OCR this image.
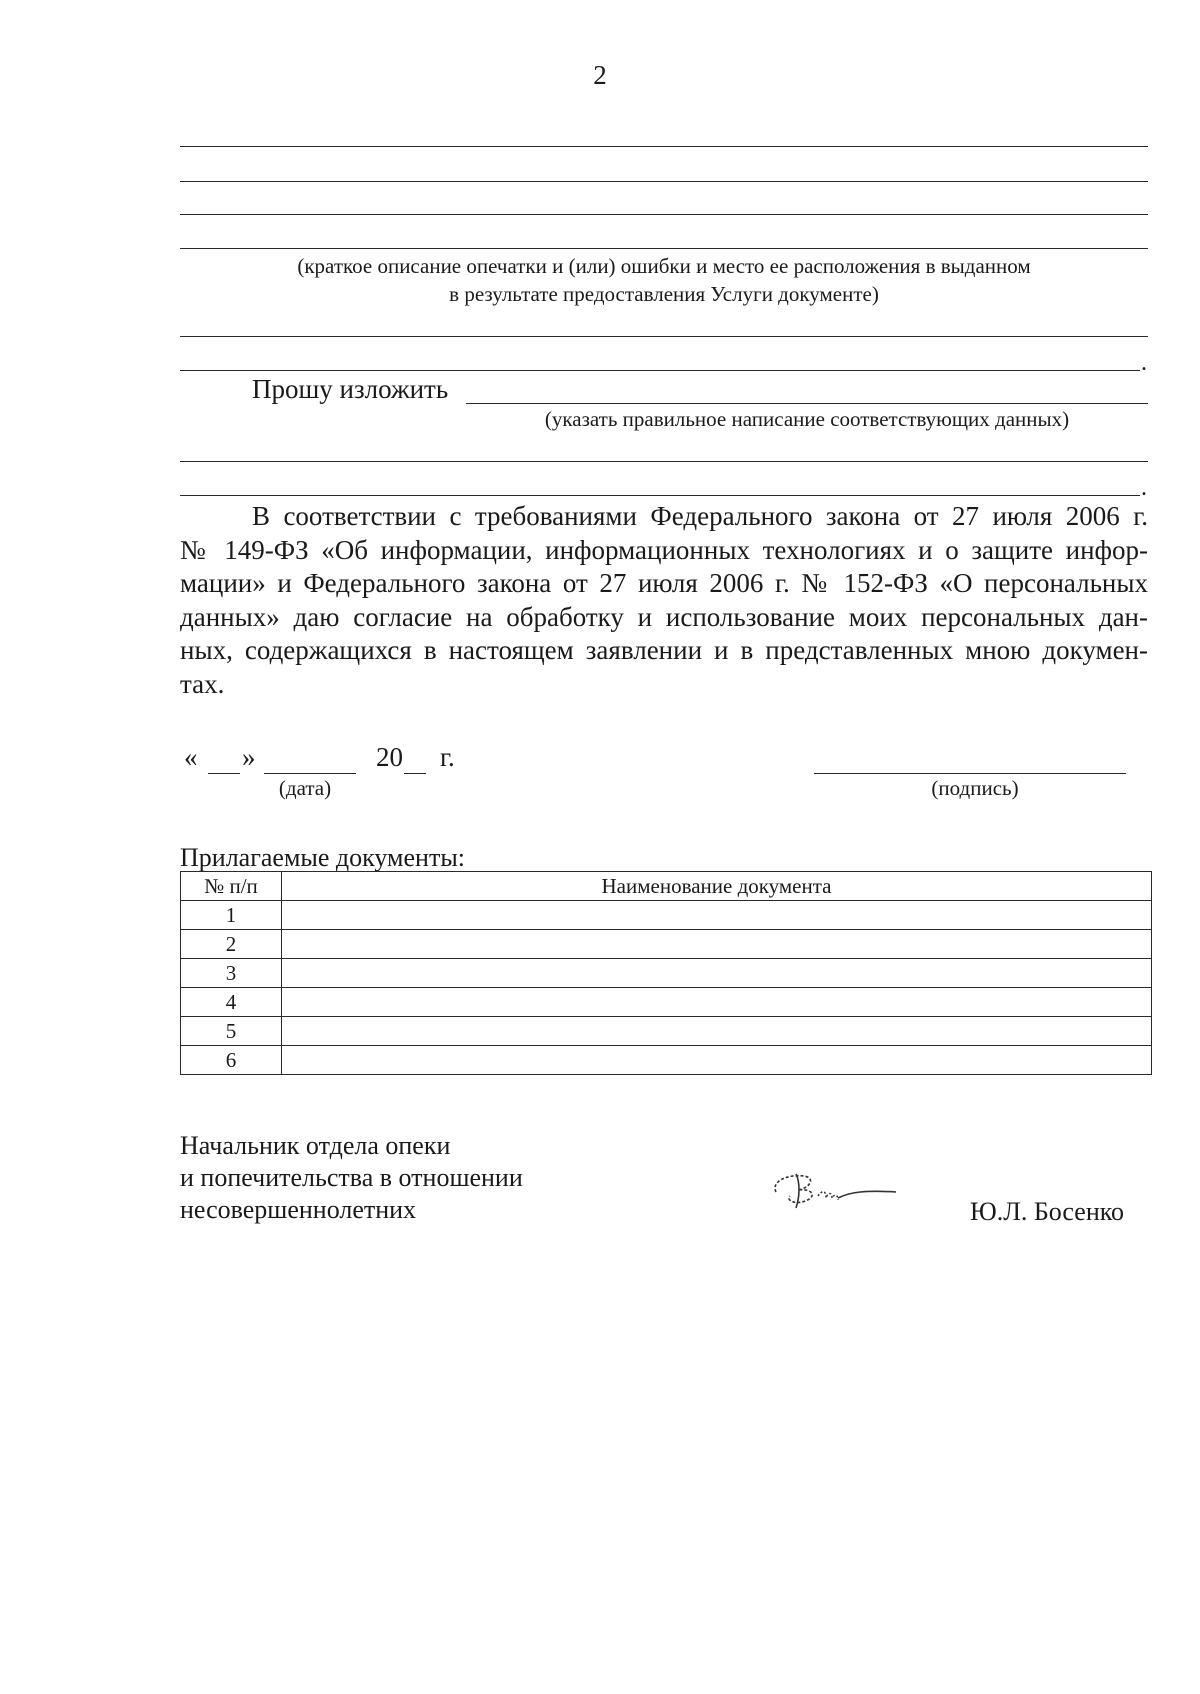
2
(краткое описание опечатки и (или) ошибки и место ее расположения в выданном
в результате предоставления Услуги документе)
.
Прошу изложить
(указать правильное написание соответствующих данных)
.
В соответствии с требованиями Федерального закона от 27 июля 2006 г.
№ 149-ФЗ «Об информации, информационных технологиях и о защите инфор-
мации» и Федерального закона от 27 июля 2006 г. № 152-ФЗ «О персональных
данных» даю согласие на обработку и использование моих персональных дан-
ных, содержащихся в настоящем заявлении и в представленных мною докумен-
тах.
« »	20 г.
(дата)	(подпись)
Прилагаемые документы:
№ п/п	Наименование документа
1	
2	
3	
4	
5	
6	
Начальник отдела опеки
и попечительства в отношении
несовершеннолетних	Ю.Л. Босенко
